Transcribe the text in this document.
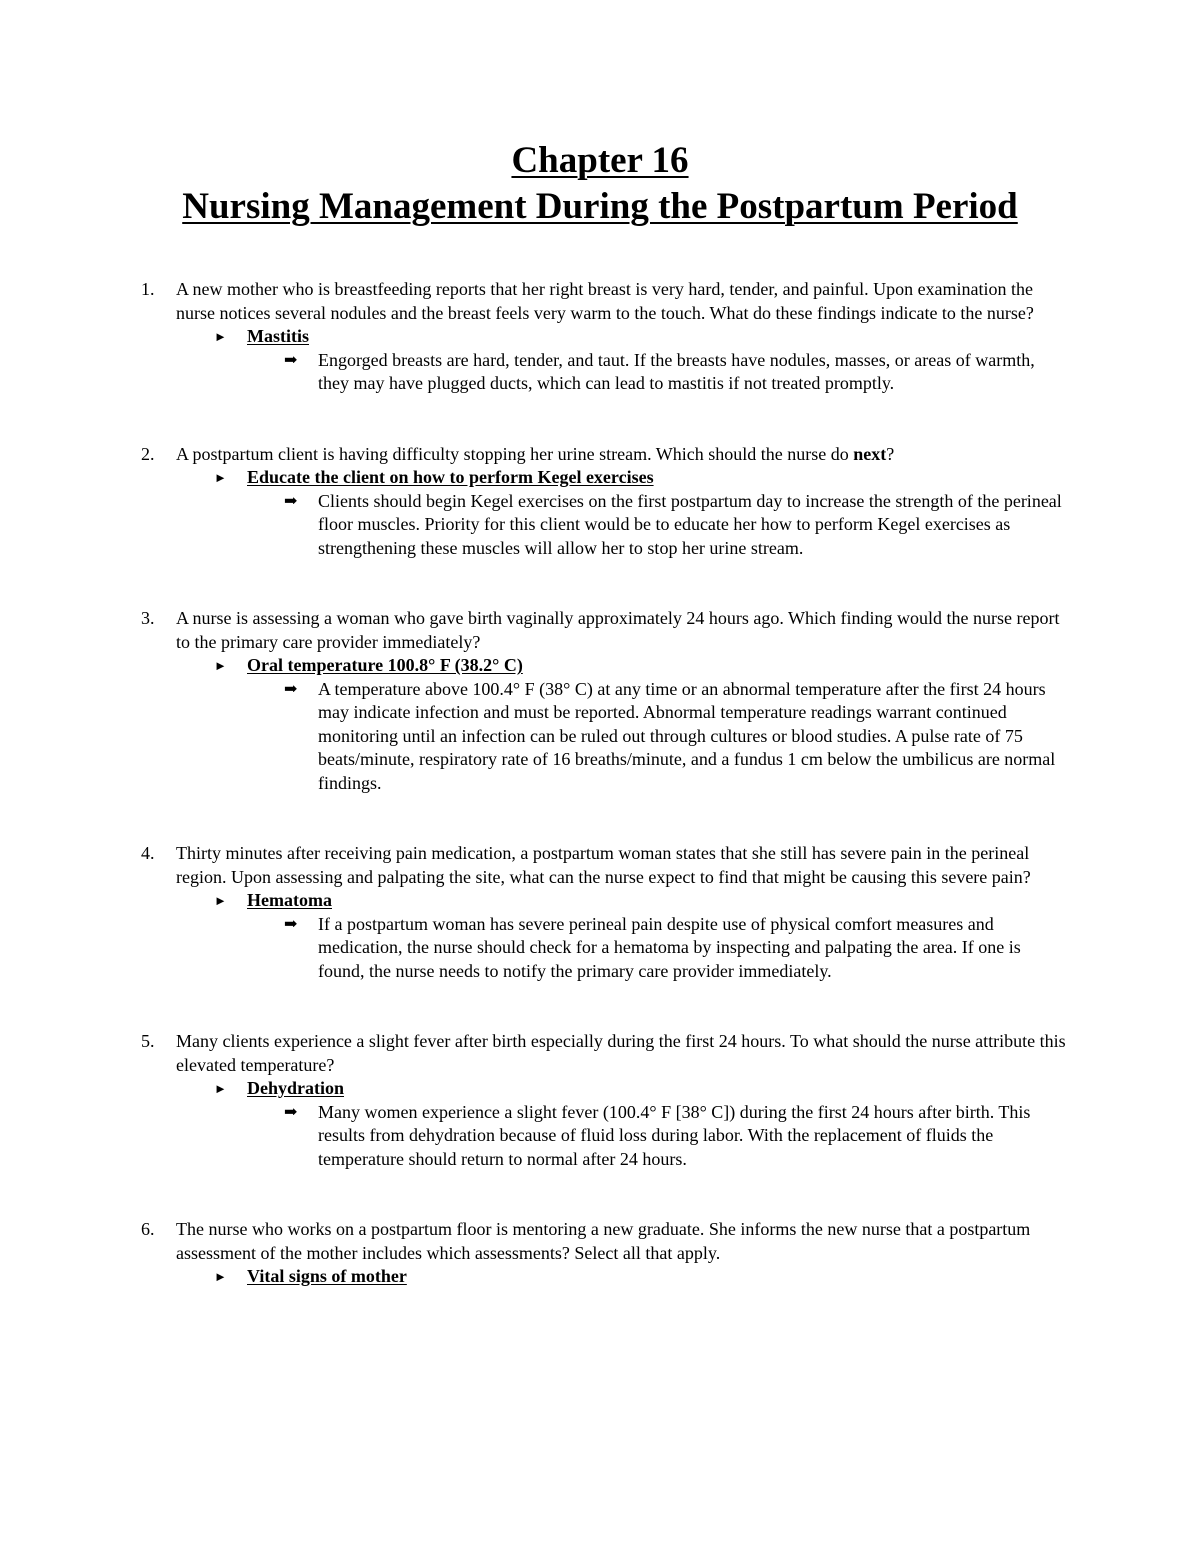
Chapter 16

Nursing Management During the Postpartum Period

1. A new mother who is breastfeeding reports that her right breast is very hard, tender, and painful. Upon examination the nurse notices several nodules and the breast feels very warm to the touch. What do these findings indicate to the nurse?
► Mastitis
➡ Engorged breasts are hard, tender, and taut. If the breasts have nodules, masses, or areas of warmth, they may have plugged ducts, which can lead to mastitis if not treated promptly.
2. A postpartum client is having difficulty stopping her urine stream. Which should the nurse do next?
► Educate the client on how to perform Kegel exercises
➡ Clients should begin Kegel exercises on the first postpartum day to increase the strength of the perineal floor muscles. Priority for this client would be to educate her how to perform Kegel exercises as strengthening these muscles will allow her to stop her urine stream.
3. A nurse is assessing a woman who gave birth vaginally approximately 24 hours ago. Which finding would the nurse report to the primary care provider immediately?
► Oral temperature 100.8° F (38.2° C)
➡ A temperature above 100.4° F (38° C) at any time or an abnormal temperature after the first 24 hours may indicate infection and must be reported. Abnormal temperature readings warrant continued monitoring until an infection can be ruled out through cultures or blood studies. A pulse rate of 75 beats/minute, respiratory rate of 16 breaths/minute, and a fundus 1 cm below the umbilicus are normal findings.
4. Thirty minutes after receiving pain medication, a postpartum woman states that she still has severe pain in the perineal region. Upon assessing and palpating the site, what can the nurse expect to find that might be causing this severe pain?
► Hematoma
➡ If a postpartum woman has severe perineal pain despite use of physical comfort measures and medication, the nurse should check for a hematoma by inspecting and palpating the area. If one is found, the nurse needs to notify the primary care provider immediately.
5. Many clients experience a slight fever after birth especially during the first 24 hours. To what should the nurse attribute this elevated temperature?
► Dehydration
➡ Many women experience a slight fever (100.4° F [38° C]) during the first 24 hours after birth. This results from dehydration because of fluid loss during labor. With the replacement of fluids the temperature should return to normal after 24 hours.
6. The nurse who works on a postpartum floor is mentoring a new graduate. She informs the new nurse that a postpartum assessment of the mother includes which assessments? Select all that apply.
► Vital signs of mother
